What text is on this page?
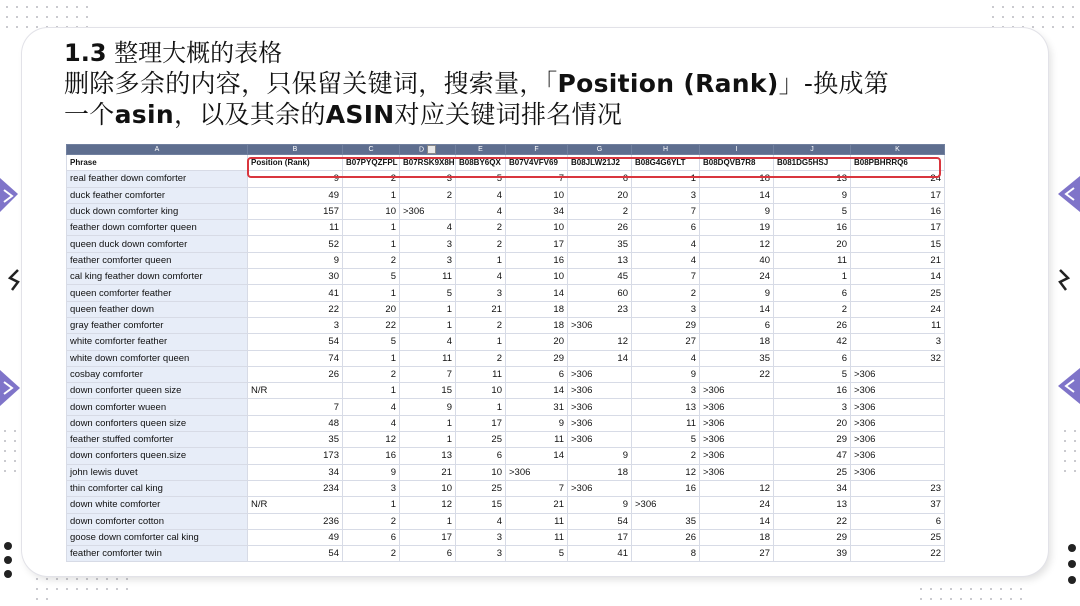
1.3 整理大概的表格
删除多余的内容，只保留关键词，搜索量，「Position (Rank)」-换成第
一个asin，以及其余的ASIN对应关键词排名情况
A	B	C	D	E	F	G	H	I	J	K
Phrase	Position (Rank)	B07PYQZFPL	B07RSK9X8H	B08BY6QX	B07V4VFV69	B08JLW21J2	B08G4G6YLT	B08DQVB7R8	B081DG5HSJ	B08PBHRRQ6
real feather down comforter	9	2	3	5	7	6	1	18	13	24
duck feather comforter	49	1	2	4	10	20	3	14	9	17
duck down comforter king	157	10	>306	4	34	2	7	9	5	16
feather down comforter queen	11	1	4	2	10	26	6	19	16	17
queen duck down comforter	52	1	3	2	17	35	4	12	20	15
feather comforter queen	9	2	3	1	16	13	4	40	11	21
cal king feather down comforter	30	5	11	4	10	45	7	24	1	14
queen comforter feather	41	1	5	3	14	60	2	9	6	25
queen feather down	22	20	1	21	18	23	3	14	2	24
gray feather comforter	3	22	1	2	18	>306	29	6	26	11
white comforter feather	54	5	4	1	20	12	27	18	42	3
white down comforter queen	74	1	11	2	29	14	4	35	6	32
cosbay comforter	26	2	7	11	6	>306	9	22	5	>306
down conforter queen size	N/R	1	15	10	14	>306	3	>306	16	>306
down comforter wueen	7	4	9	1	31	>306	13	>306	3	>306
down conforters queen size	48	4	1	17	9	>306	11	>306	20	>306
feather stuffed comforter	35	12	1	25	11	>306	5	>306	29	>306
down conforters queen.size	173	16	13	6	14	9	2	>306	47	>306
john lewis duvet	34	9	21	10	>306	18	12	>306	25	>306
thin comforter cal king	234	3	10	25	7	>306	16	12	34	23
down white comforter	N/R	1	12	15	21	9	>306	24	13	37
down comforter cotton	236	2	1	4	11	54	35	14	22	6
goose down comforter cal king	49	6	17	3	11	17	26	18	29	25
feather comforter twin	54	2	6	3	5	41	8	27	39	22
